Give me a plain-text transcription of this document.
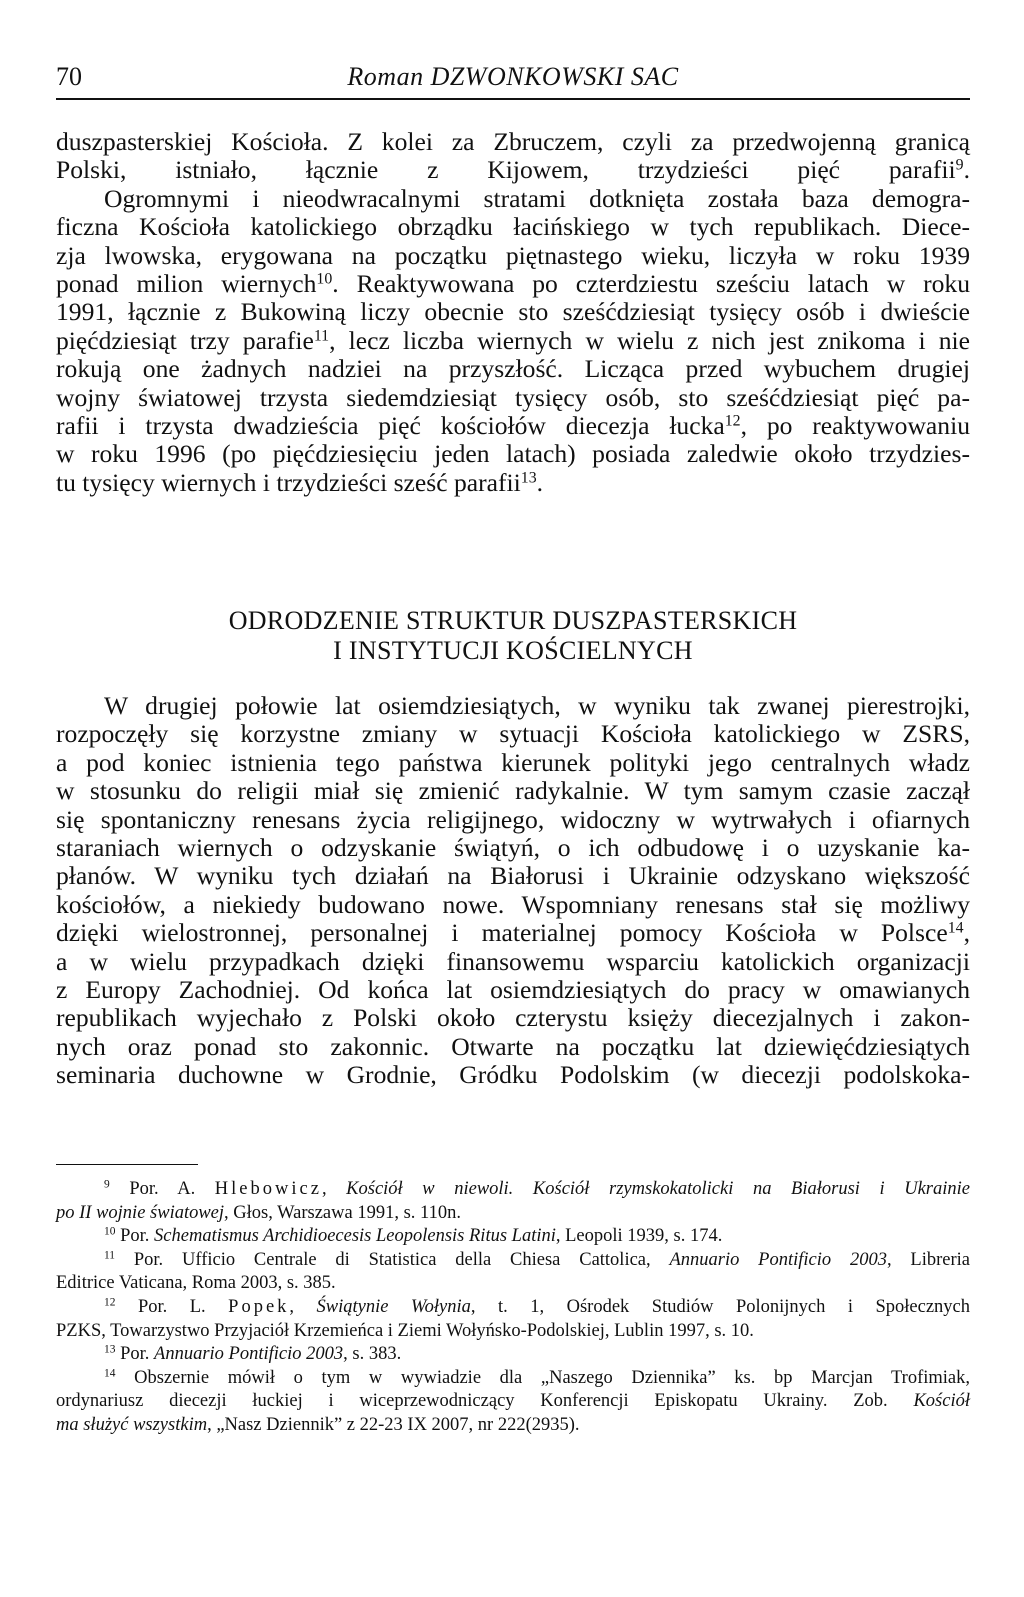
70	Roman DZWONKOWSKI SAC
duszpasterskiej Kościoła. Z kolei za Zbruczem, czyli za przedwojenną granicą
Polski, istniało, łącznie z Kijowem, trzydzieści pięć parafii$^9$.
Ogromnymi i nieodwracalnymi stratami dotknięta została baza demogra-
ficzna Kościoła katolickiego obrządku łacińskiego w tych republikach. Diece-
zja lwowska, erygowana na początku piętnastego wieku, liczyła w roku 1939
ponad milion wiernych$^{10}$. Reaktywowana po czterdziestu sześciu latach w roku
1991, łącznie z Bukowiną liczy obecnie sto sześćdziesiąt tysięcy osób i dwieście
pięćdziesiąt trzy parafie$^{11}$, lecz liczba wiernych w wielu z nich jest znikoma i nie
rokują one żadnych nadziei na przyszłość. Licząca przed wybuchem drugiej
wojny światowej trzysta siedemdziesiąt tysięcy osób, sto sześćdziesiąt pięć pa-
rafii i trzysta dwadzieścia pięć kościołów diecezja łucka$^{12}$, po reaktywowaniu
w roku 1996 (po pięćdziesięciu jeden latach) posiada zaledwie około trzydzies-
tu tysięcy wiernych i trzydzieści sześć parafii$^{13}$.
ODRODZENIE STRUKTUR DUSZPASTERSKICH
I INSTYTUCJI KOŚCIELNYCH
W drugiej połowie lat osiemdziesiątych, w wyniku tak zwanej pierestrojki,
rozpoczęły się korzystne zmiany w sytuacji Kościoła katolickiego w ZSRS,
a pod koniec istnienia tego państwa kierunek polityki jego centralnych władz
w stosunku do religii miał się zmienić radykalnie. W tym samym czasie zaczął
się spontaniczny renesans życia religijnego, widoczny w wytrwałych i ofiarnych
staraniach wiernych o odzyskanie świątyń, o ich odbudowę i o uzyskanie ka-
płanów. W wyniku tych działań na Białorusi i Ukrainie odzyskano większość
kościołów, a niekiedy budowano nowe. Wspomniany renesans stał się możliwy
dzięki wielostronnej, personalnej i materialnej pomocy Kościoła w Polsce$^{14}$,
a w wielu przypadkach dzięki finansowemu wsparciu katolickich organizacji
z Europy Zachodniej. Od końca lat osiemdziesiątych do pracy w omawianych
republikach wyjechało z Polski około czterystu księży diecezjalnych i zakon-
nych oraz ponad sto zakonnic. Otwarte na początku lat dziewięćdziesiątych
seminaria duchowne w Grodnie, Gródku Podolskim (w diecezji podolskoka-
$^9$ Por. A. Hlebowicz, Kościół w niewoli. Kościół rzymskokatolicki na Białorusi i Ukrainie
po II wojnie światowej, Głos, Warszawa 1991, s. 110n.
$^{10}$ Por. Schematismus Archidioecesis Leopolensis Ritus Latini, Leopoli 1939, s. 174.
$^{11}$ Por. Ufficio Centrale di Statistica della Chiesa Cattolica, Annuario Pontificio 2003, Libreria
Editrice Vaticana, Roma 2003, s. 385.
$^{12}$ Por. L. Popek, Świątynie Wołynia, t. 1, Ośrodek Studiów Polonijnych i Społecznych
PZKS, Towarzystwo Przyjaciół Krzemieńca i Ziemi Wołyńsko-Podolskiej, Lublin 1997, s. 10.
$^{13}$ Por. Annuario Pontificio 2003, s. 383.
$^{14}$ Obszernie mówił o tym w wywiadzie dla „Naszego Dziennika” ks. bp Marcjan Trofimiak,
ordynariusz diecezji łuckiej i wiceprzewodniczący Konferencji Episkopatu Ukrainy. Zob. Kościół
ma służyć wszystkim, „Nasz Dziennik” z 22-23 IX 2007, nr 222(2935).
